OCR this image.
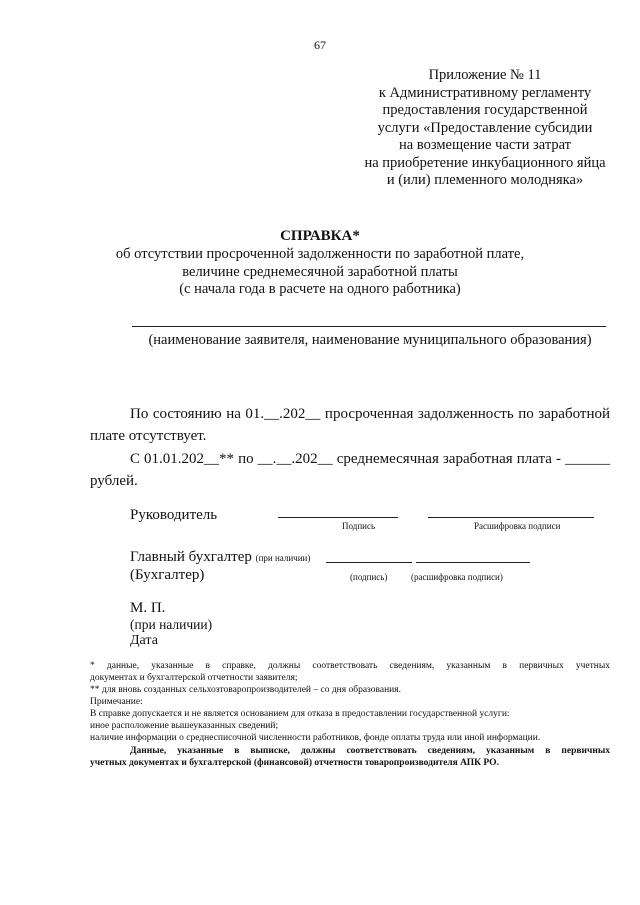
67
Приложение № 11
к Административному регламенту
предоставления государственной
услуги «Предоставление субсидии
на возмещение части затрат
на приобретение инкубационного яйца
и (или) племенного молодняка»
СПРАВКА*
об отсутствии просроченной задолженности по заработной плате,
величине среднемесячной заработной платы
(с начала года в расчете на одного работника)
(наименование заявителя, наименование муниципального образования)
По состоянию на 01.__.202__ просроченная задолженность по заработной
плате отсутствует.
С 01.01.202__** по __.__.202__ среднемесячная заработная плата - ______
рублей.
Руководитель
Подпись	Расшифровка подписи
Главный бухгалтер (при наличии)
(Бухгалтер)	(подпись)	(расшифровка подписи)
М. П.
(при наличии)
Дата
* данные, указанные в справке, должны соответствовать сведениям, указанным в первичных учетных
документах и бухгалтерской отчетности заявителя;
** для вновь созданных сельхозтоваропроизводителей – со дня образования.
Примечание:
В справке допускается и не является основанием для отказа в предоставлении государственной услуги:
иное расположение вышеуказанных сведений;
наличие информации о среднесписочной численности работников, фонде оплаты труда или иной информации.
Данные, указанные в выписке, должны соответствовать сведениям, указанным в первичных
учетных документах и бухгалтерской (финансовой) отчетности товаропроизводителя АПК РО.
